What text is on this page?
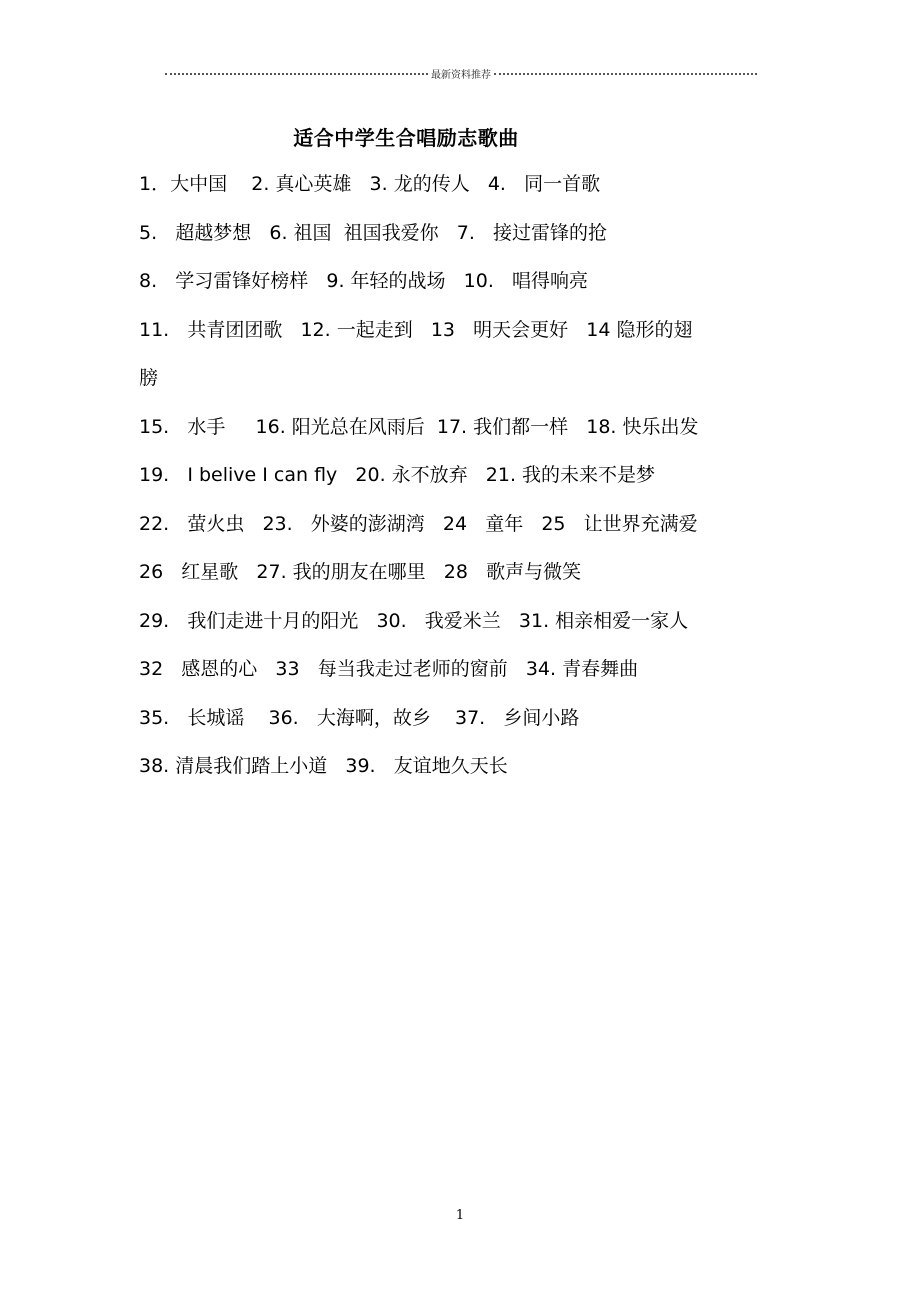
最新资料推荐
适合中学生合唱励志歌曲
1．大中国    2. 真心英雄   3. 龙的传人   4.   同一首歌
5.   超越梦想   6. 祖国  祖国我爱你   7.   接过雷锋的抢
8.   学习雷锋好榜样   9. 年轻的战场   10.   唱得响亮
11.   共青团团歌   12. 一起走到   13   明天会更好   14 隐形的翅
膀
15.   水手     16. 阳光总在风雨后  17. 我们都一样   18. 快乐出发
19.   I belive I can fly   20. 永不放弃   21. 我的未来不是梦
22.   萤火虫   23.   外婆的澎湖湾   24   童年   25   让世界充满爱
26   红星歌   27. 我的朋友在哪里   28   歌声与微笑
29.   我们走进十月的阳光   30.   我爱米兰   31. 相亲相爱一家人
32   感恩的心   33   每当我走过老师的窗前   34. 青春舞曲
35.   长城谣    36.   大海啊，故乡    37.   乡间小路
38. 清晨我们踏上小道   39.   友谊地久天长
1
